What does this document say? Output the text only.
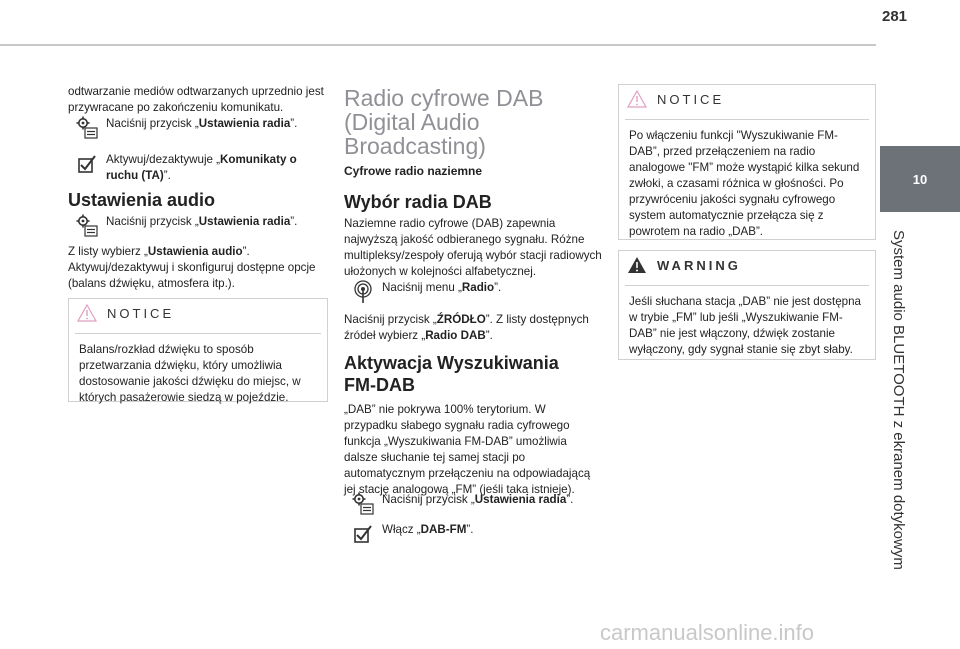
281
10
System audio BLUETOOTH z ekranem dotykowym
odtwarzanie mediów odtwarzanych uprzednio jest przywracane po zakończeniu komunikatu.
Naciśnij przycisk „Ustawienia radia”.
Aktywuj/dezaktywuje „Komunikaty o ruchu (TA)”.
Ustawienia audio
Naciśnij przycisk „Ustawienia radia”.
Z listy wybierz „Ustawienia audio”. Aktywuj/dezaktywuj i skonfiguruj dostępne opcje (balans dźwięku, atmosfera itp.).
NOTICE
Balans/rozkład dźwięku to sposób przetwarzania dźwięku, który umożliwia dostosowanie jakości dźwięku do miejsc, w których pasażerowie siedzą w pojeździe.
Radio cyfrowe DAB (Digital Audio Broadcasting)
Cyfrowe radio naziemne
Wybór radia DAB
Naziemne radio cyfrowe (DAB) zapewnia najwyższą jakość odbieranego sygnału. Różne multipleksy/zespoły oferują wybór stacji radiowych ułożonych w kolejności alfabetycznej.
Naciśnij menu „Radio”.
Naciśnij przycisk „ŹRÓDŁO”. Z listy dostępnych źródeł wybierz „Radio DAB”.
Aktywacja Wyszukiwania FM-DAB
„DAB” nie pokrywa 100% terytorium. W przypadku słabego sygnału radia cyfrowego funkcja „Wyszukiwania FM-DAB” umożliwia dalsze słuchanie tej samej stacji po automatycznym przełączeniu na odpowiadającą jej stację analogową „FM” (jeśli taka istnieje).
Naciśnij przycisk „Ustawienia radia”.
Włącz „DAB-FM”.
NOTICE
Po włączeniu funkcji "Wyszukiwanie FM-DAB”, przed przełączeniem na radio analogowe "FM” może wystąpić kilka sekund zwłoki, a czasami różnica w głośności. Po przywróceniu jakości sygnału cyfrowego system automatycznie przełącza się z powrotem na radio „DAB”.
WARNING
Jeśli słuchana stacja „DAB” nie jest dostępna w trybie „FM” lub jeśli „Wyszukiwanie FM-DAB” nie jest włączony, dźwięk zostanie wyłączony, gdy sygnał stanie się zbyt słaby.
carmanualsonline.info
